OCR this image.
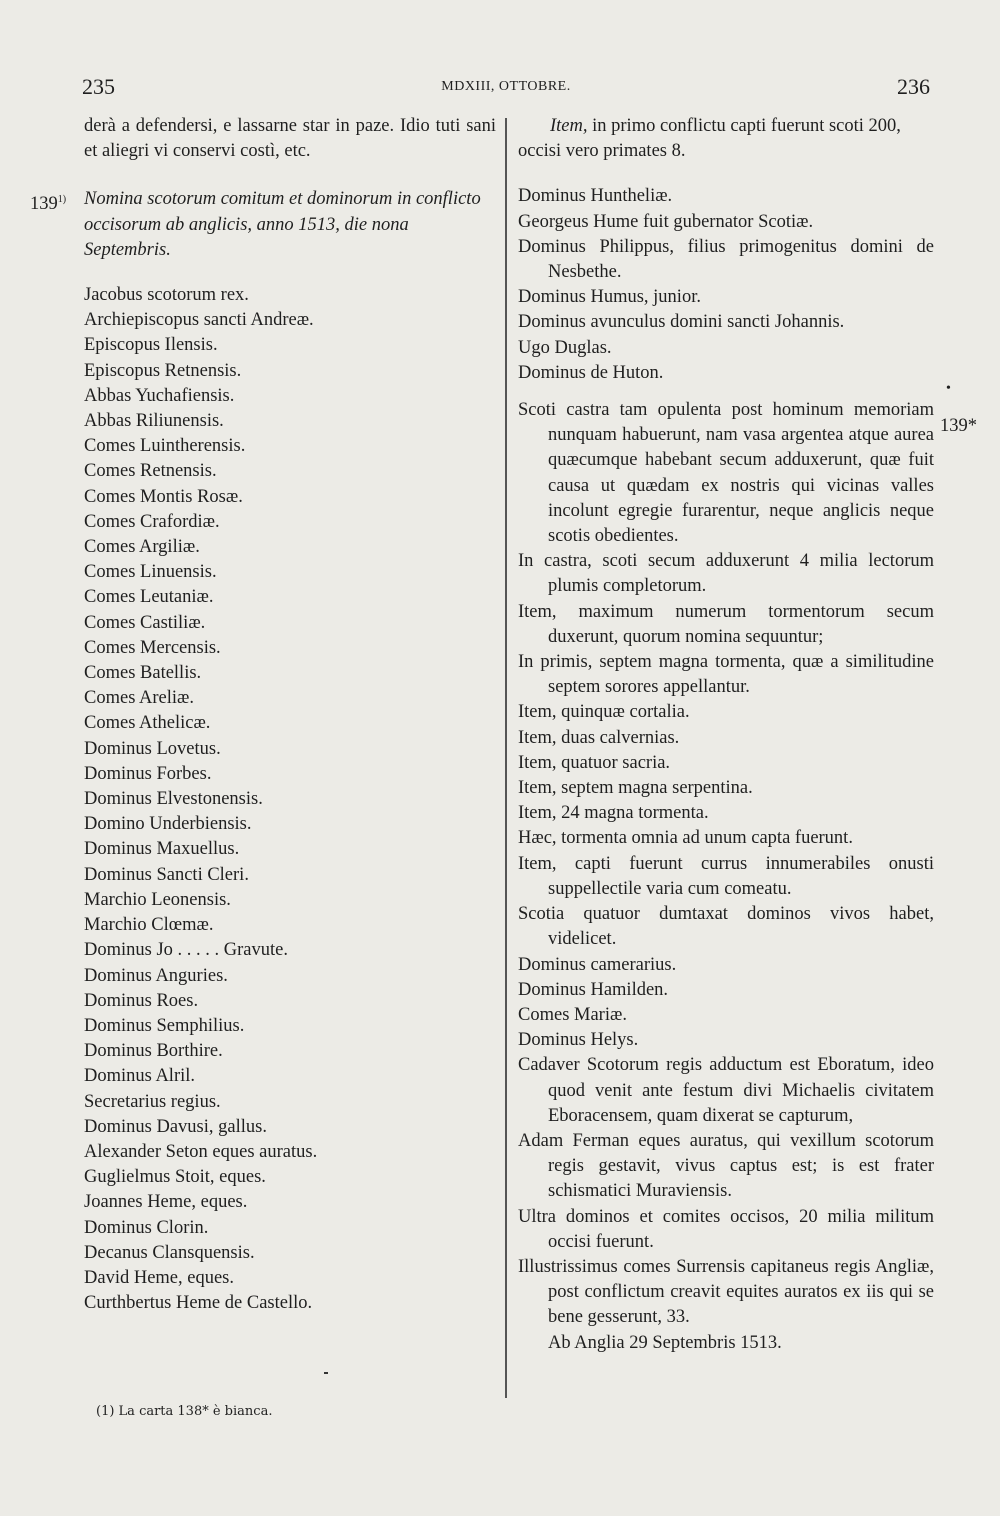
235	MDXIII, OTTOBRE.	236
derà a defendersi, e lassarne star in paze. Idio tuti sani et aliegri vi conservi costì, etc.
139$^{1)}$ Nomina scotorum comitum et dominorum in conflicto occisorum ab anglicis, anno 1513, die nona Septembris.
Jacobus scotorum rex.
Archiepiscopus sancti Andreæ.
Episcopus Ilensis.
Episcopus Retnensis.
Abbas Yuchafiensis.
Abbas Riliunensis.
Comes Luintherensis.
Comes Retnensis.
Comes Montis Rosæ.
Comes Crafordiæ.
Comes Argiliæ.
Comes Linuensis.
Comes Leutaniæ.
Comes Castiliæ.
Comes Mercensis.
Comes Batellis.
Comes Areliæ.
Comes Athelicæ.
Dominus Lovetus.
Dominus Forbes.
Dominus Elvestonensis.
Domino Underbiensis.
Dominus Maxuellus.
Dominus Sancti Cleri.
Marchio Leonensis.
Marchio Clœmæ.
Dominus Jo . . . . . Gravute.
Dominus Anguries.
Dominus Roes.
Dominus Semphilius.
Dominus Borthire.
Dominus Alril.
Secretarius regius.
Dominus Davusi, gallus.
Alexander Seton eques auratus.
Guglielmus Stoit, eques.
Joannes Heme, eques.
Dominus Clorin.
Decanus Clansquensis.
David Heme, eques.
Curthbertus Heme de Castello.
Item, in primo conflictu capti fuerunt scoti 200, occisi vero primates 8.
Dominus Huntheliæ.
Georgeus Hume fuit gubernator Scotiæ.
Dominus Philippus, filius primogenitus domini de Nesbethe.
Dominus Humus, junior.
Dominus avunculus domini sancti Johannis.
Ugo Duglas.
Dominus de Huton.
Scoti castra tam opulenta post hominum memoriam nunquam habuerunt, nam vasa argentea atque aurea quæcumque habebant secum adduxerunt, quæ fuit causa ut quædam ex nostris qui vicinas valles incolunt egregie furarentur, neque anglicis neque scotis obedientes.
In castra, scoti secum adduxerunt 4 milia lectorum plumis completorum.
Item, maximum numerum tormentorum secum duxerunt, quorum nomina sequuntur;
In primis, septem magna tormenta, quæ a similitudine septem sorores appellantur.
Item, quinquæ cortalia.
Item, duas calvernias.
Item, quatuor sacria.
Item, septem magna serpentina.
Item, 24 magna tormenta.
Hæc, tormenta omnia ad unum capta fuerunt.
Item, capti fuerunt currus innumerabiles onusti suppellectile varia cum comeatu.
Scotia quatuor dumtaxat dominos vivos habet, videlicet.
Dominus camerarius.
Dominus Hamilden.
Comes Mariæ.
Dominus Helys.
Cadaver Scotorum regis adductum est Eboratum, ideo quod venit ante festum divi Michaelis civitatem Eboracensem, quam dixerat se capturum,
Adam Ferman eques auratus, qui vexillum scotorum regis gestavit, vivus captus est; is est frater schismatici Muraviensis.
Ultra dominos et comites occisos, 20 milia militum occisi fuerunt.
Illustrissimus comes Surrensis capitaneus regis Angliæ, post conflictum creavit equites auratos ex iis qui se bene gesserunt, 33.
Ab Anglia 29 Septembris 1513.
•
139*
(1) La carta 138* è bianca.
